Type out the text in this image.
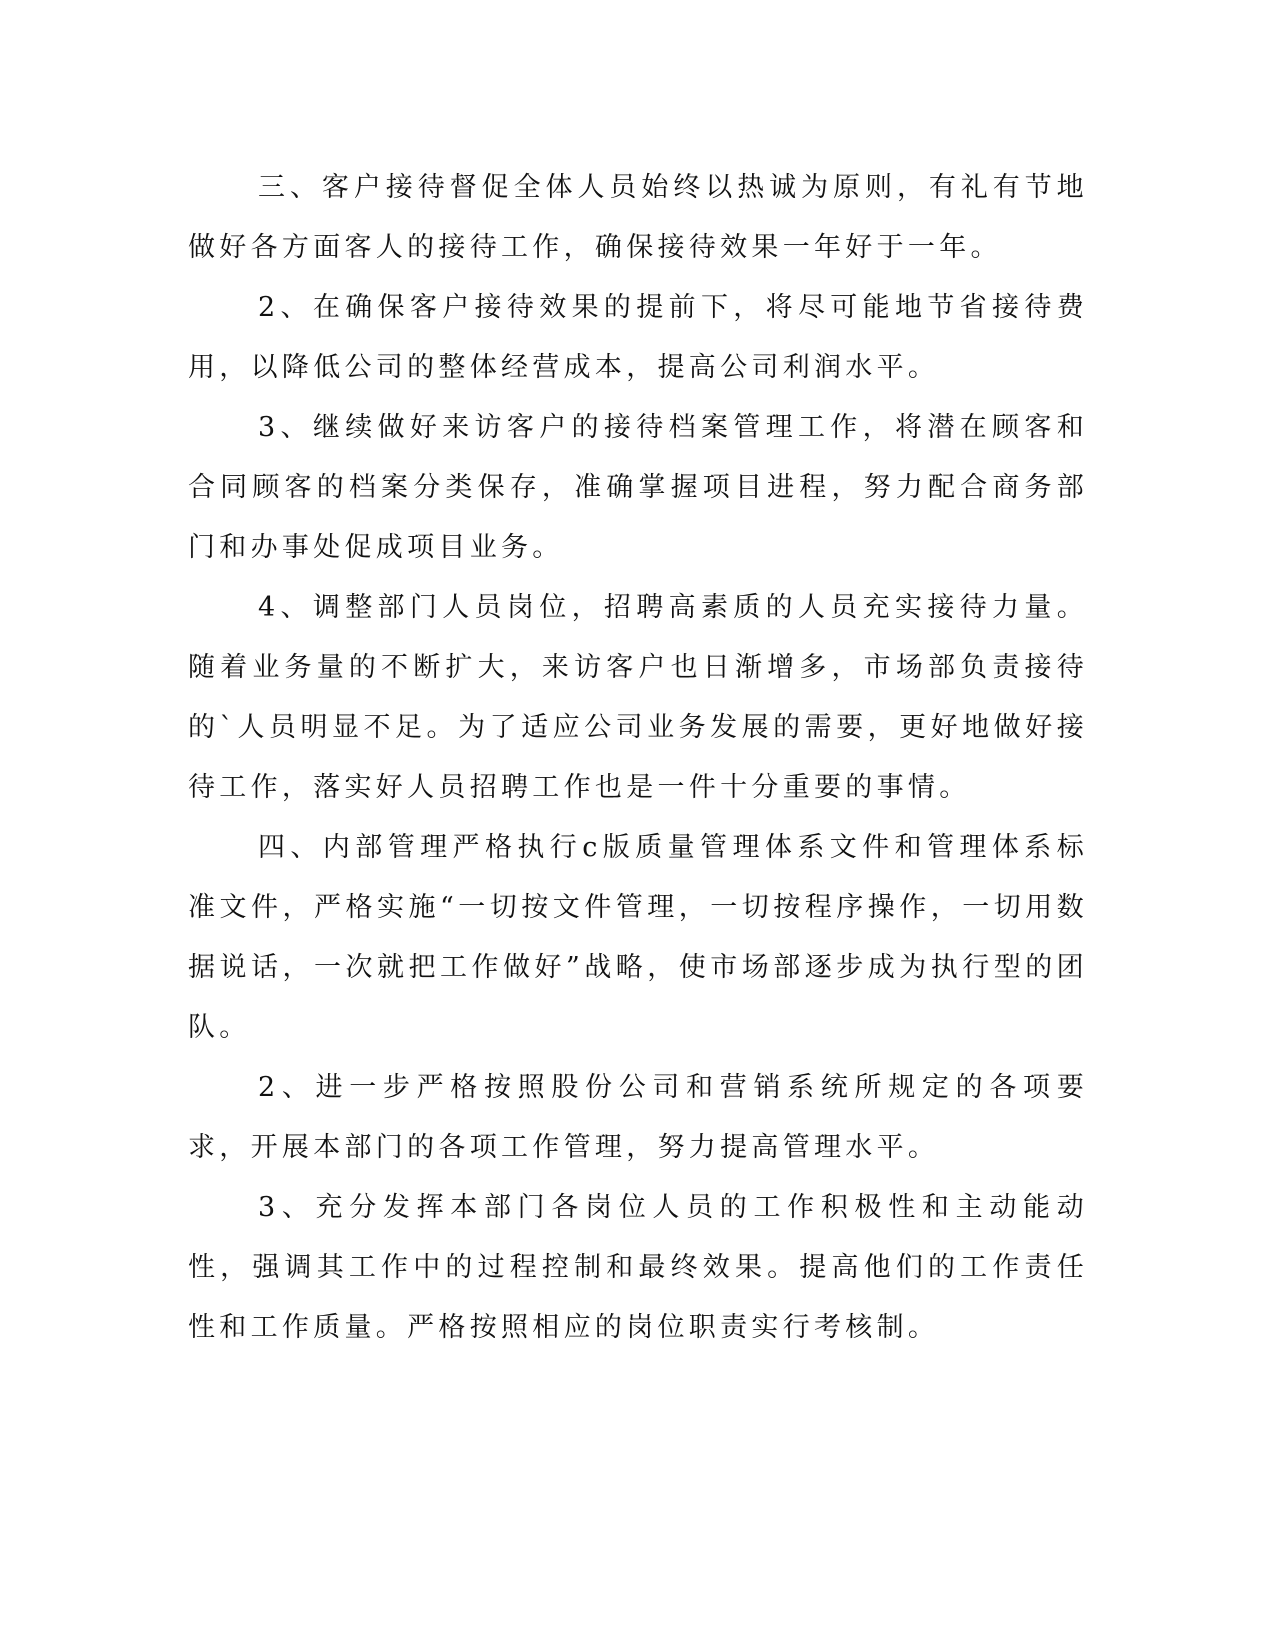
三、客户接待督促全体人员始终以热诚为原则，有礼有节地做好各方面客人的接待工作，确保接待效果一年好于一年。

2、在确保客户接待效果的提前下，将尽可能地节省接待费用，以降低公司的整体经营成本，提高公司利润水平。

3、继续做好来访客户的接待档案管理工作，将潜在顾客和合同顾客的档案分类保存，准确掌握项目进程，努力配合商务部门和办事处促成项目业务。

4、调整部门人员岗位，招聘高素质的人员充实接待力量。随着业务量的不断扩大，来访客户也日渐增多，市场部负责接待的`人员明显不足。为了适应公司业务发展的需要，更好地做好接待工作，落实好人员招聘工作也是一件十分重要的事情。

四、内部管理严格执行c版质量管理体系文件和管理体系标准文件，严格实施“一切按文件管理，一切按程序操作，一切用数据说话，一次就把工作做好”战略，使市场部逐步成为执行型的团队。

2、进一步严格按照股份公司和营销系统所规定的各项要求，开展本部门的各项工作管理，努力提高管理水平。

3、充分发挥本部门各岗位人员的工作积极性和主动能动性，强调其工作中的过程控制和最终效果。提高他们的工作责任性和工作质量。严格按照相应的岗位职责实行考核制。
